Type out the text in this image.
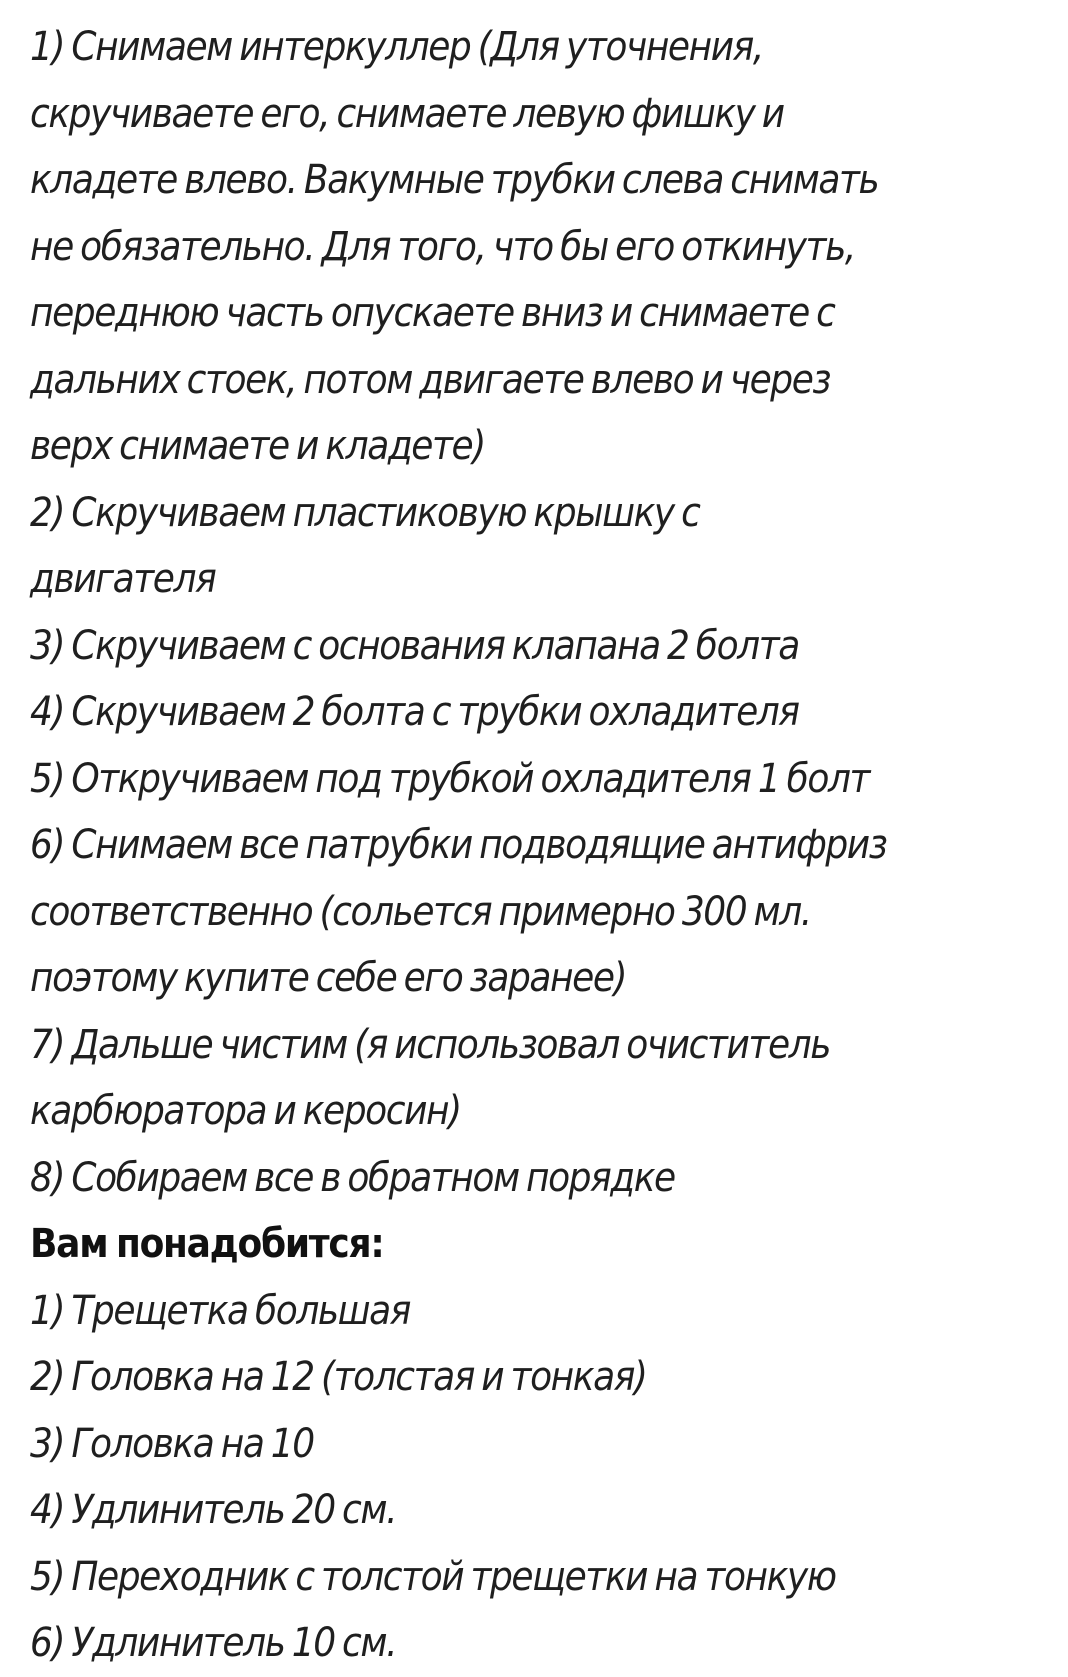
1) Снимаем интеркуллер (Для уточнения,
скручиваете его, снимаете левую фишку и
кладете влево. Вакумные трубки слева снимать
не обязательно. Для того, что бы его откинуть,
переднюю часть опускаете вниз и снимаете с
дальних стоек, потом двигаете влево и через
верх снимаете и кладете)
2) Скручиваем пластиковую крышку с
двигателя
3) Скручиваем с основания клапана 2 болта
4) Скручиваем 2 болта с трубки охладителя
5) Откручиваем под трубкой охладителя 1 болт
6) Снимаем все патрубки подводящие антифриз
соответственно (сольется примерно 300 мл.
поэтому купите себе его заранее)
7) Дальше чистим (я использовал очиститель
карбюратора и керосин)
8) Собираем все в обратном порядке
Вам понадобится:
1) Трещетка большая
2) Головка на 12 (толстая и тонкая)
3) Головка на 10
4) Удлинитель 20 см.
5) Переходник с толстой трещетки на тонкую
6) Удлинитель 10 см.
